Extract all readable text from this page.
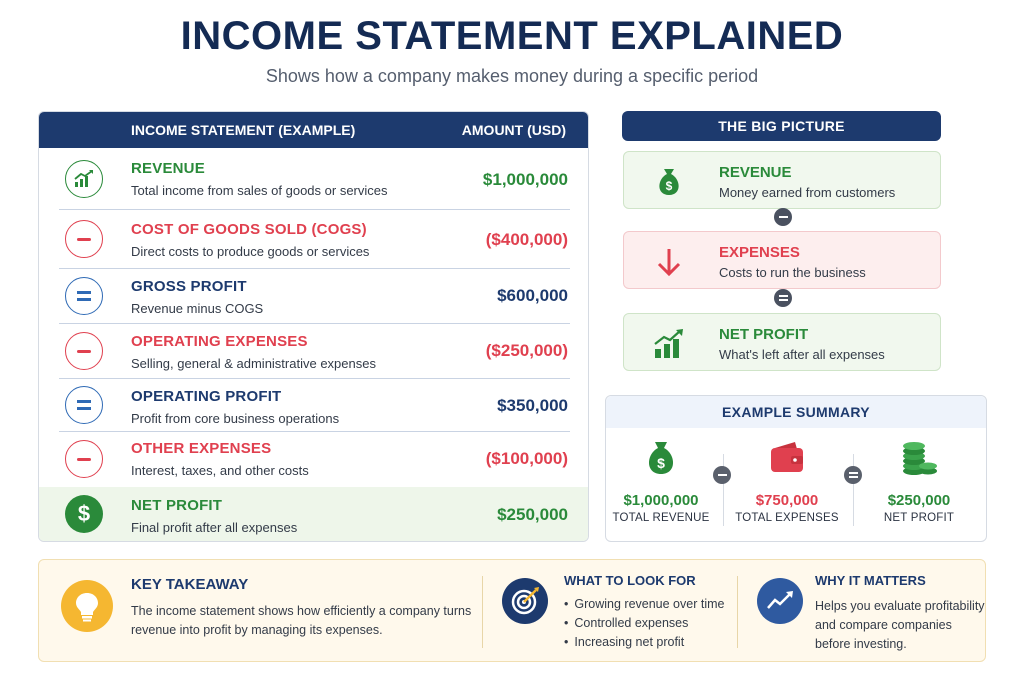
INCOME STATEMENT EXPLAINED
Shows how a company makes money during a specific period
INCOME STATEMENT (EXAMPLE)	AMOUNT (USD)
REVENUE
Total income from sales of goods or services
$1,000,000
COST OF GOODS SOLD (COGS)
Direct costs to produce goods or services
($400,000)
GROSS PROFIT
Revenue minus COGS
$600,000
OPERATING EXPENSES
Selling, general & administrative expenses
($250,000)
OPERATING PROFIT
Profit from core business operations
$350,000
OTHER EXPENSES
Interest, taxes, and other costs
($100,000)
$	NET PROFIT
Final profit after all expenses
$250,000
THE BIG PICTURE
$
REVENUE
Money earned from customers
EXPENSES
Costs to run the business
NET PROFIT
What's left after all expenses
EXAMPLE SUMMARY
$
$1,000,000
TOTAL REVENUE
$750,000
TOTAL EXPENSES
$250,000
NET PROFIT
KEY TAKEAWAY
The income statement shows how efficiently a company turns revenue into profit by managing its expenses.
WHAT TO LOOK FOR
• Growing revenue over time
• Controlled expenses
• Increasing net profit
WHY IT MATTERS
Helps you evaluate profitability and compare companies before investing.
